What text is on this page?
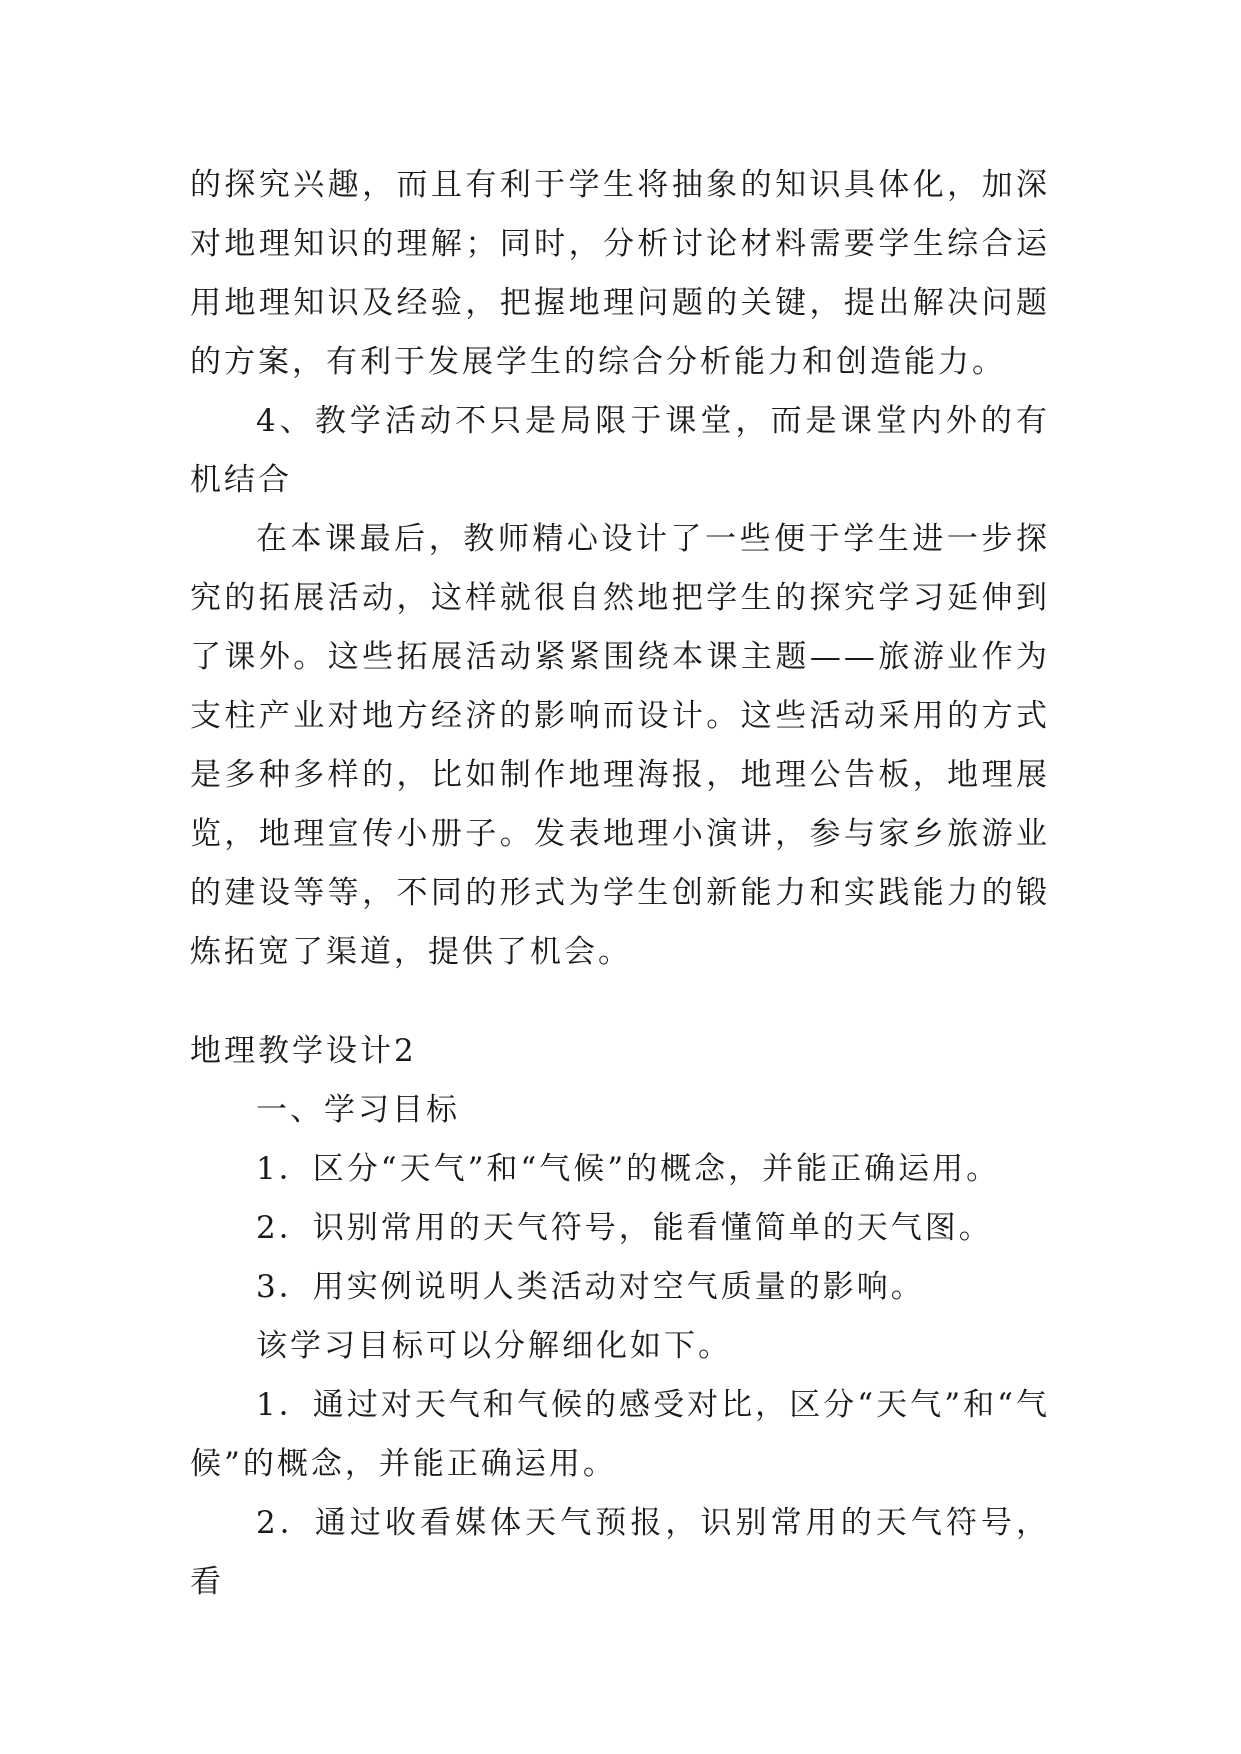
的探究兴趣，而且有利于学生将抽象的知识具体化，加深对地理知识的理解；同时，分析讨论材料需要学生综合运用地理知识及经验，把握地理问题的关键，提出解决问题的方案，有利于发展学生的综合分析能力和创造能力。

4、教学活动不只是局限于课堂，而是课堂内外的有机结合

在本课最后，教师精心设计了一些便于学生进一步探究的拓展活动，这样就很自然地把学生的探究学习延伸到了课外。这些拓展活动紧紧围绕本课主题——旅游业作为支柱产业对地方经济的影响而设计。这些活动采用的方式是多种多样的，比如制作地理海报，地理公告板，地理展览，地理宣传小册子。发表地理小演讲，参与家乡旅游业的建设等等，不同的形式为学生创新能力和实践能力的锻炼拓宽了渠道，提供了机会。

地理教学设计2

一、学习目标

1．区分“天气”和“气候”的概念，并能正确运用。

2．识别常用的天气符号，能看懂简单的天气图。

3．用实例说明人类活动对空气质量的影响。

该学习目标可以分解细化如下。

1．通过对天气和气候的感受对比，区分“天气”和“气候”的概念，并能正确运用。

2．通过收看媒体天气预报，识别常用的天气符号，看
